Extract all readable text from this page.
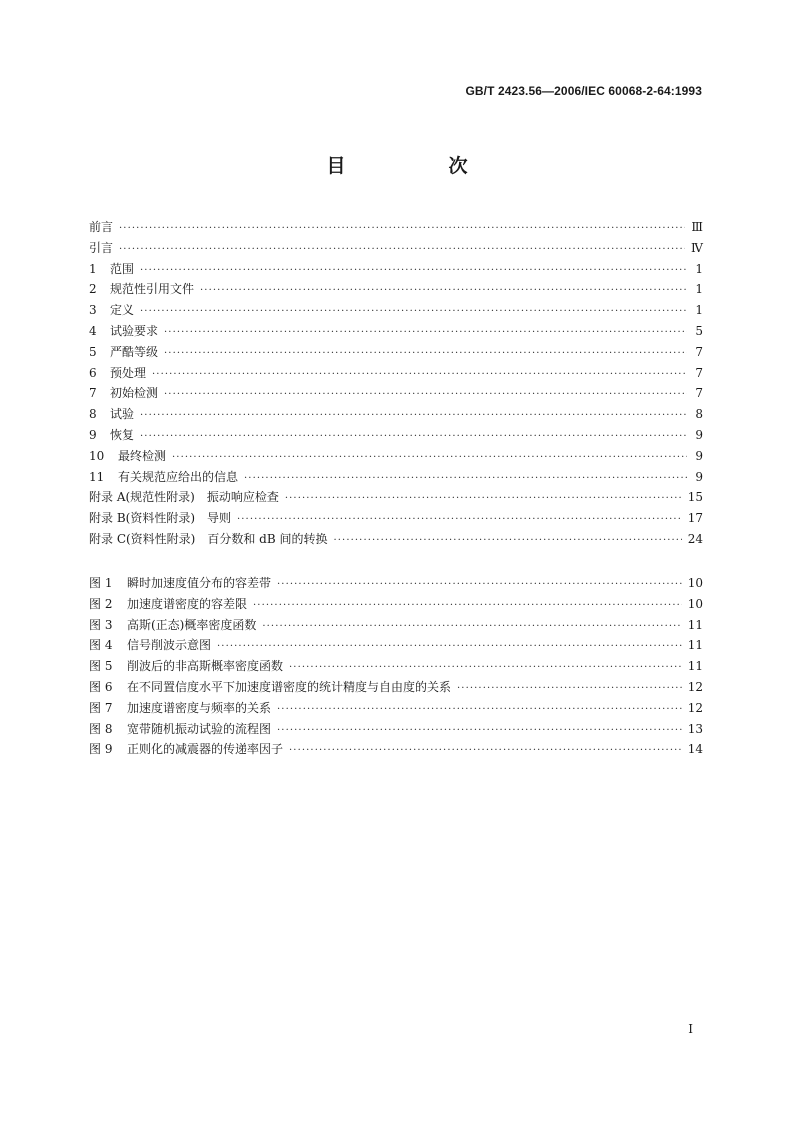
GB/T 2423.56—2006/IEC 60068-2-64:1993
目　次
前言 ·····	Ⅲ
引言 ·····	Ⅳ
1	范围 ·····	1
2	规范性引用文件 ·····	1
3	定义 ·····	1
4	试验要求 ·····	5
5	严酷等级 ·····	7
6	预处理 ·····	7
7	初始检测 ·····	7
8	试验 ·····	8
9	恢复 ·····	9
10	最终检测 ·····	9
11	有关规范应给出的信息 ·····	9
附录 A(规范性附录)　振动响应检查 ·····	15
附录 B(资料性附录)　导则 ·····	17
附录 C(资料性附录)　百分数和 dB 间的转换 ·····	24
图 1	瞬时加速度值分布的容差带 ·····	10
图 2	加速度谱密度的容差限 ·····	10
图 3	高斯(正态)概率密度函数 ·····	11
图 4	信号削波示意图 ·····	11
图 5	削波后的非高斯概率密度函数 ·····	11
图 6	在不同置信度水平下加速度谱密度的统计精度与自由度的关系 ·····	12
图 7	加速度谱密度与频率的关系 ·····	12
图 8	宽带随机振动试验的流程图 ·····	13
图 9	正则化的减震器的传递率因子 ·····	14
Ⅰ
